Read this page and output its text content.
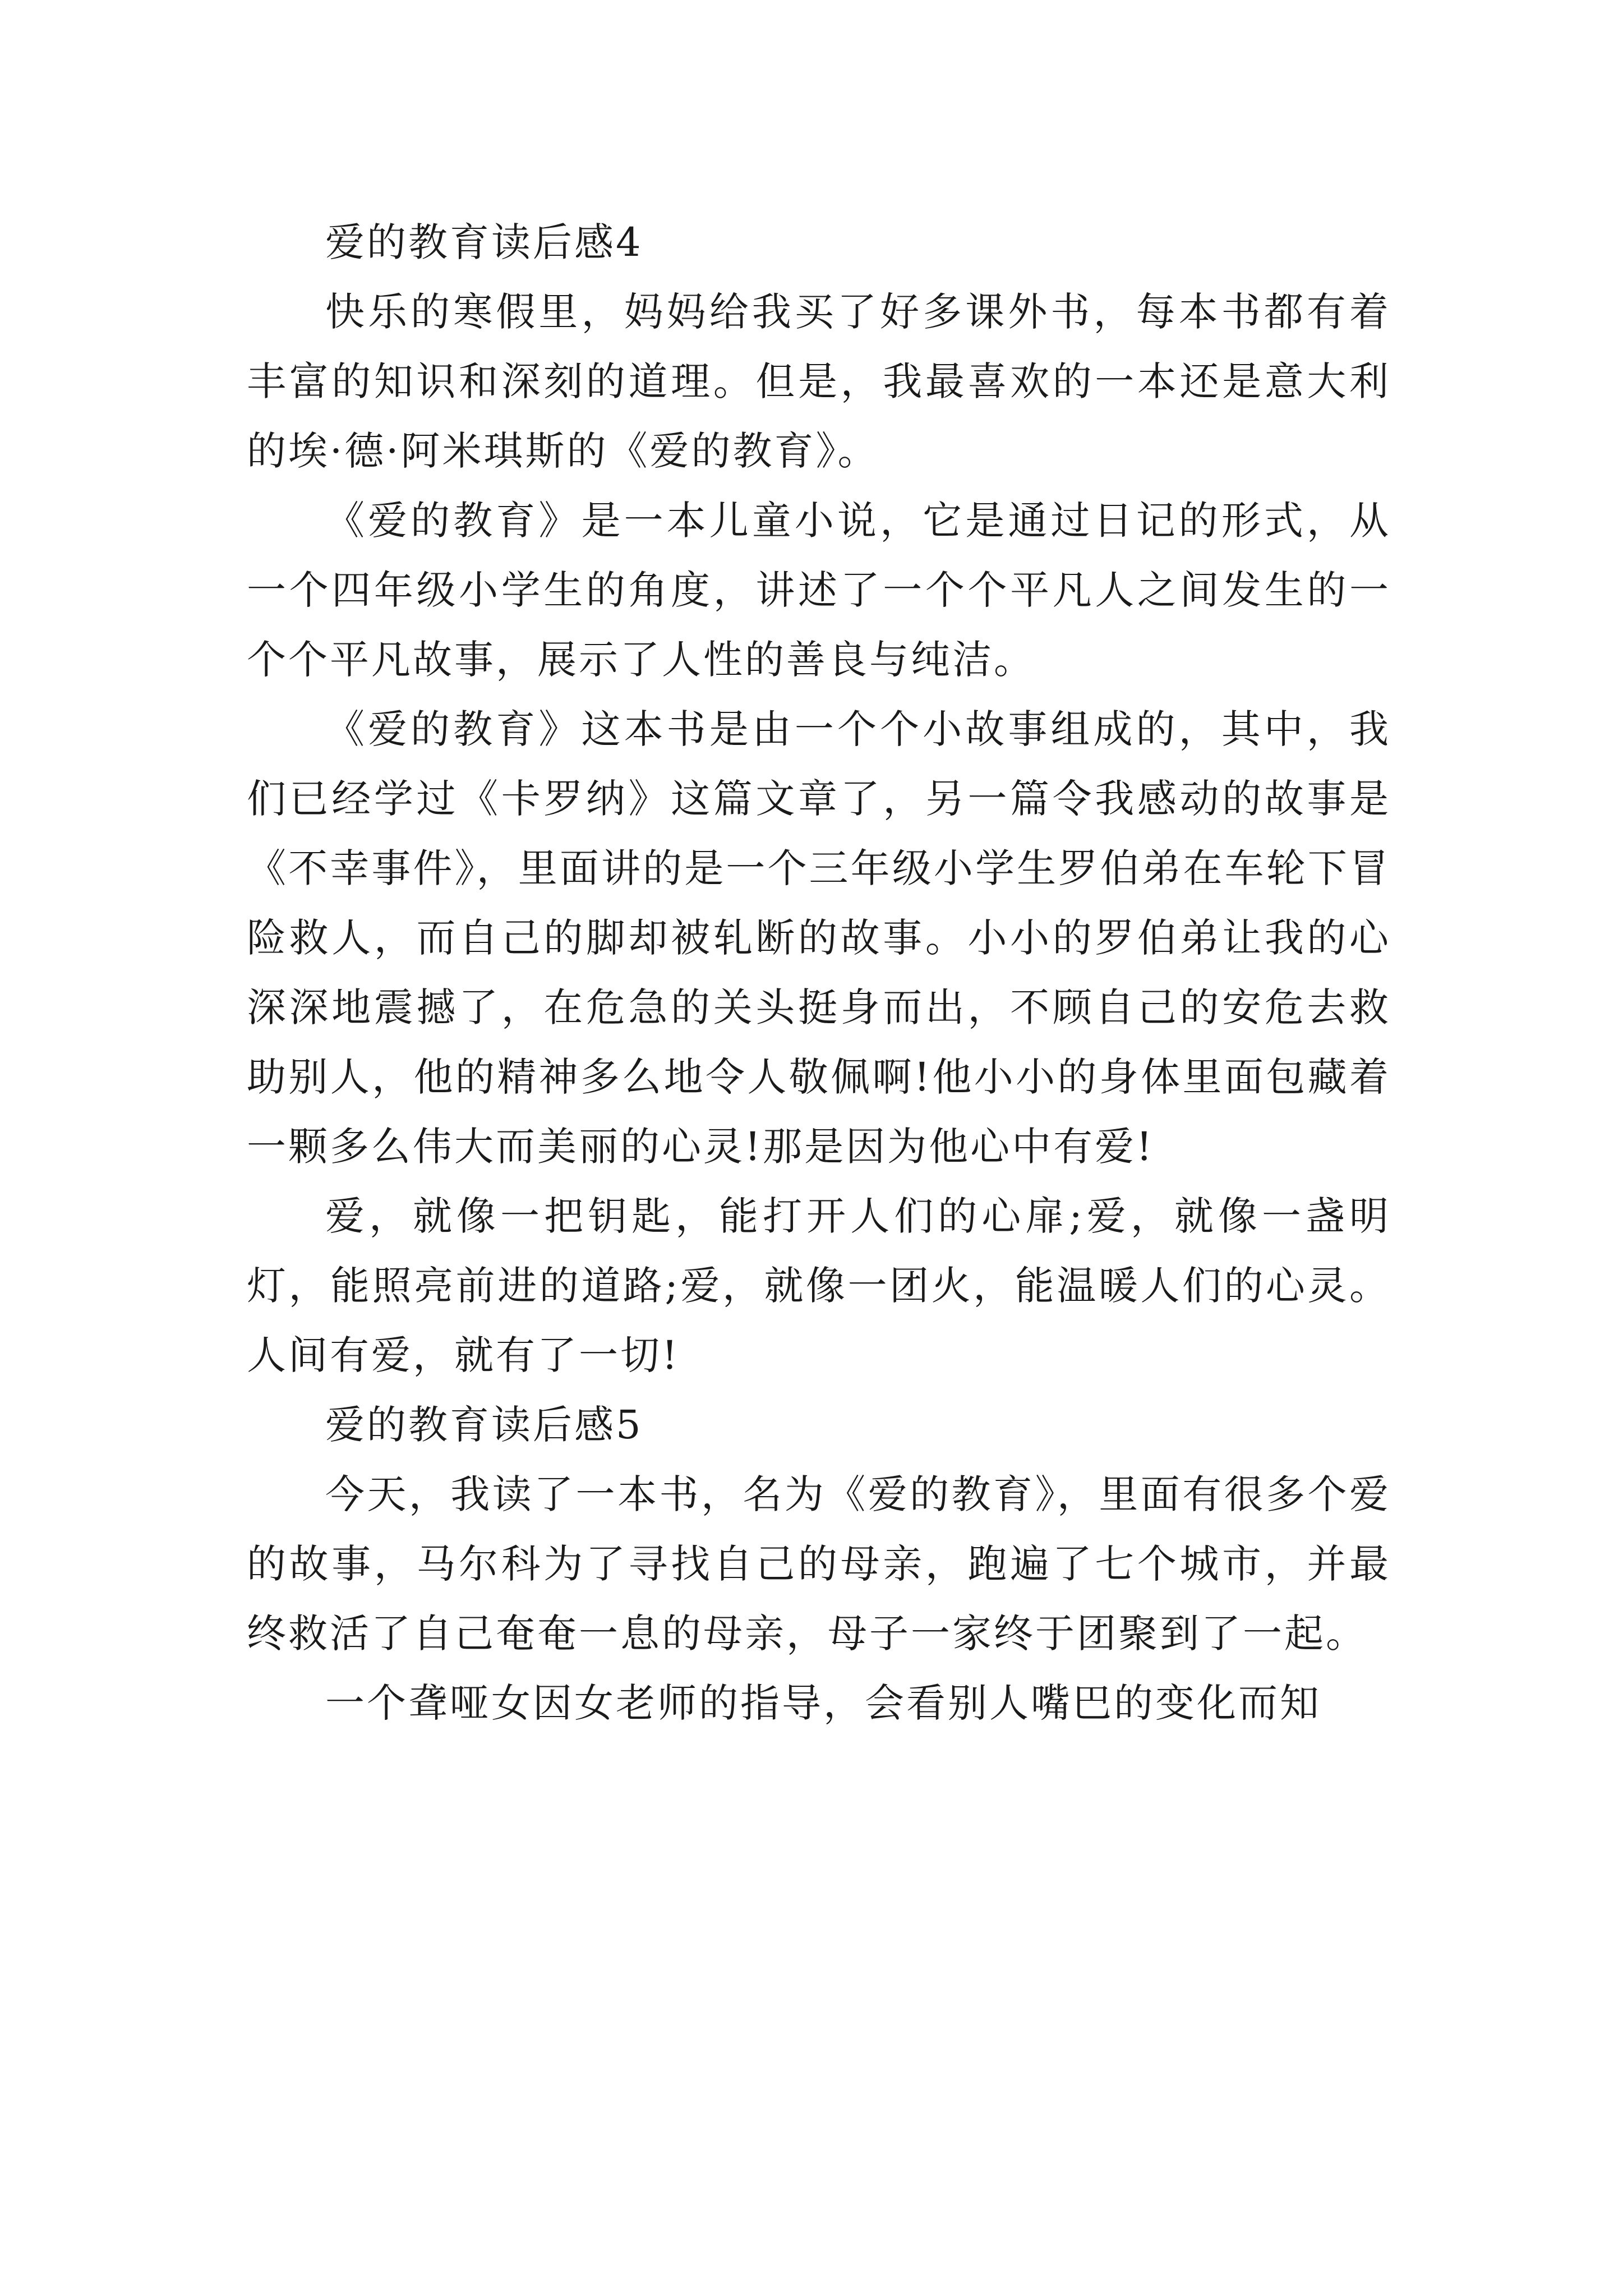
爱的教育读后感4

快乐的寒假里，妈妈给我买了好多课外书，每本书都有着丰富的知识和深刻的道理。但是，我最喜欢的一本还是意大利的埃·德·阿米琪斯的《爱的教育》。

《爱的教育》是一本儿童小说，它是通过日记的形式，从一个四年级小学生的角度，讲述了一个个平凡人之间发生的一个个平凡故事，展示了人性的善良与纯洁。

《爱的教育》这本书是由一个个小故事组成的，其中，我们已经学过《卡罗纳》这篇文章了，另一篇令我感动的故事是《不幸事件》，里面讲的是一个三年级小学生罗伯弟在车轮下冒险救人，而自己的脚却被轧断的故事。小小的罗伯弟让我的心深深地震撼了，在危急的关头挺身而出，不顾自己的安危去救助别人，他的精神多么地令人敬佩啊!他小小的身体里面包藏着一颗多么伟大而美丽的心灵!那是因为他心中有爱!

爱，就像一把钥匙，能打开人们的心扉;爱，就像一盏明灯，能照亮前进的道路;爱，就像一团火，能温暖人们的心灵。人间有爱，就有了一切!

爱的教育读后感5

今天，我读了一本书，名为《爱的教育》，里面有很多个爱的故事，马尔科为了寻找自己的母亲，跑遍了七个城市，并最终救活了自己奄奄一息的母亲，母子一家终于团聚到了一起。

一个聋哑女因女老师的指导，会看别人嘴巴的变化而知
